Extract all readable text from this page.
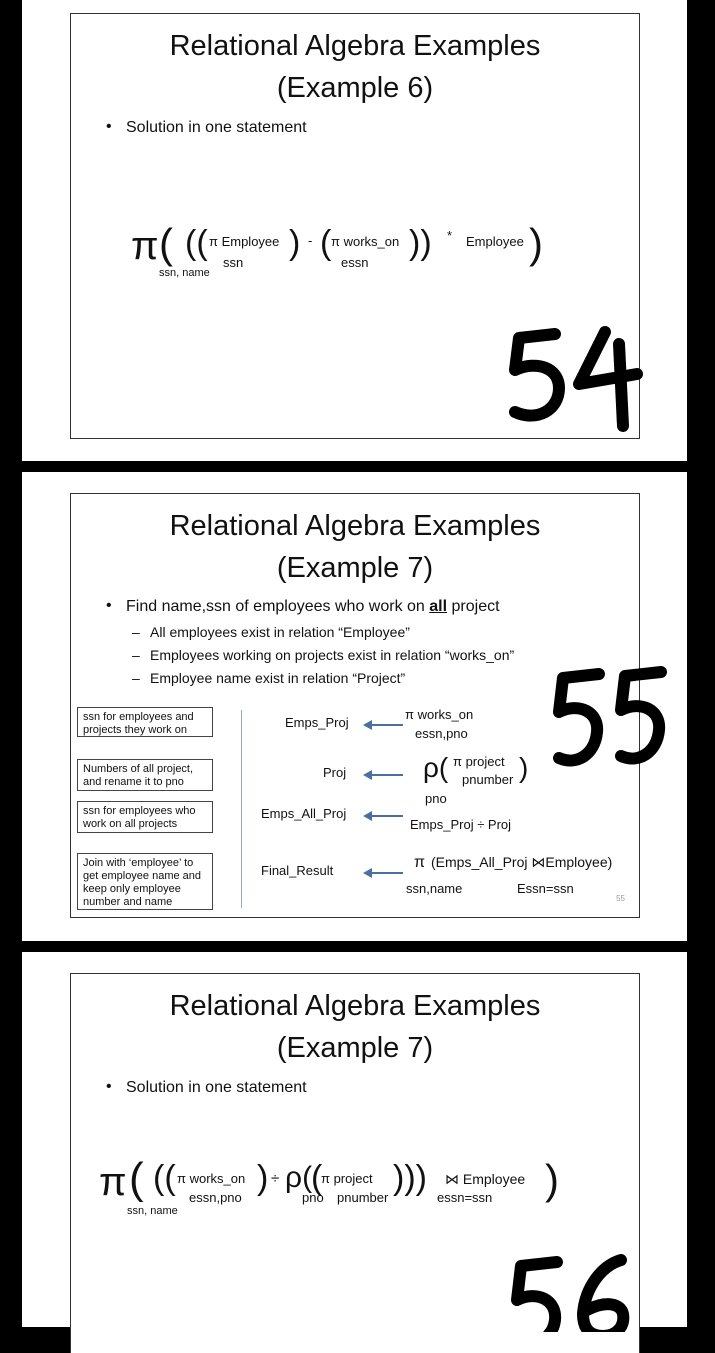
Relational Algebra Examples
(Example 6)
• Solution in one statement
π (
ssn, name
(( π Employee )
ssn
- ( π works_on ))
essn
* Employee )
54
Relational Algebra Examples
(Example 7)
• Find name,ssn of employees who work on all project
– All employees exist in relation “Employee”
– Employees working on projects exist in relation “works_on”
– Employee name exist in relation “Project”
ssn for employees and projects they work on
Numbers of all project, and rename it to pno
ssn for employees who work on all projects
Join with ‘employee’ to get employee name and keep only employee number and name
Emps_Proj
π works_on
essn,pno
Proj	ρ( π project
pnumber )
pno
Emps_All_Proj
Emps_Proj ÷ Proj
Final_Result	π (Emps_All_Proj ⋈Employee)
ssn,name	Essn=ssn
55
Relational Algebra Examples
(Example 7)
• Solution in one statement
π (
ssn, name
(( π works_on )
essn,pno
÷ ρ(
(
π project )))
pno pnumber
⋈ Employee
essn=ssn )
